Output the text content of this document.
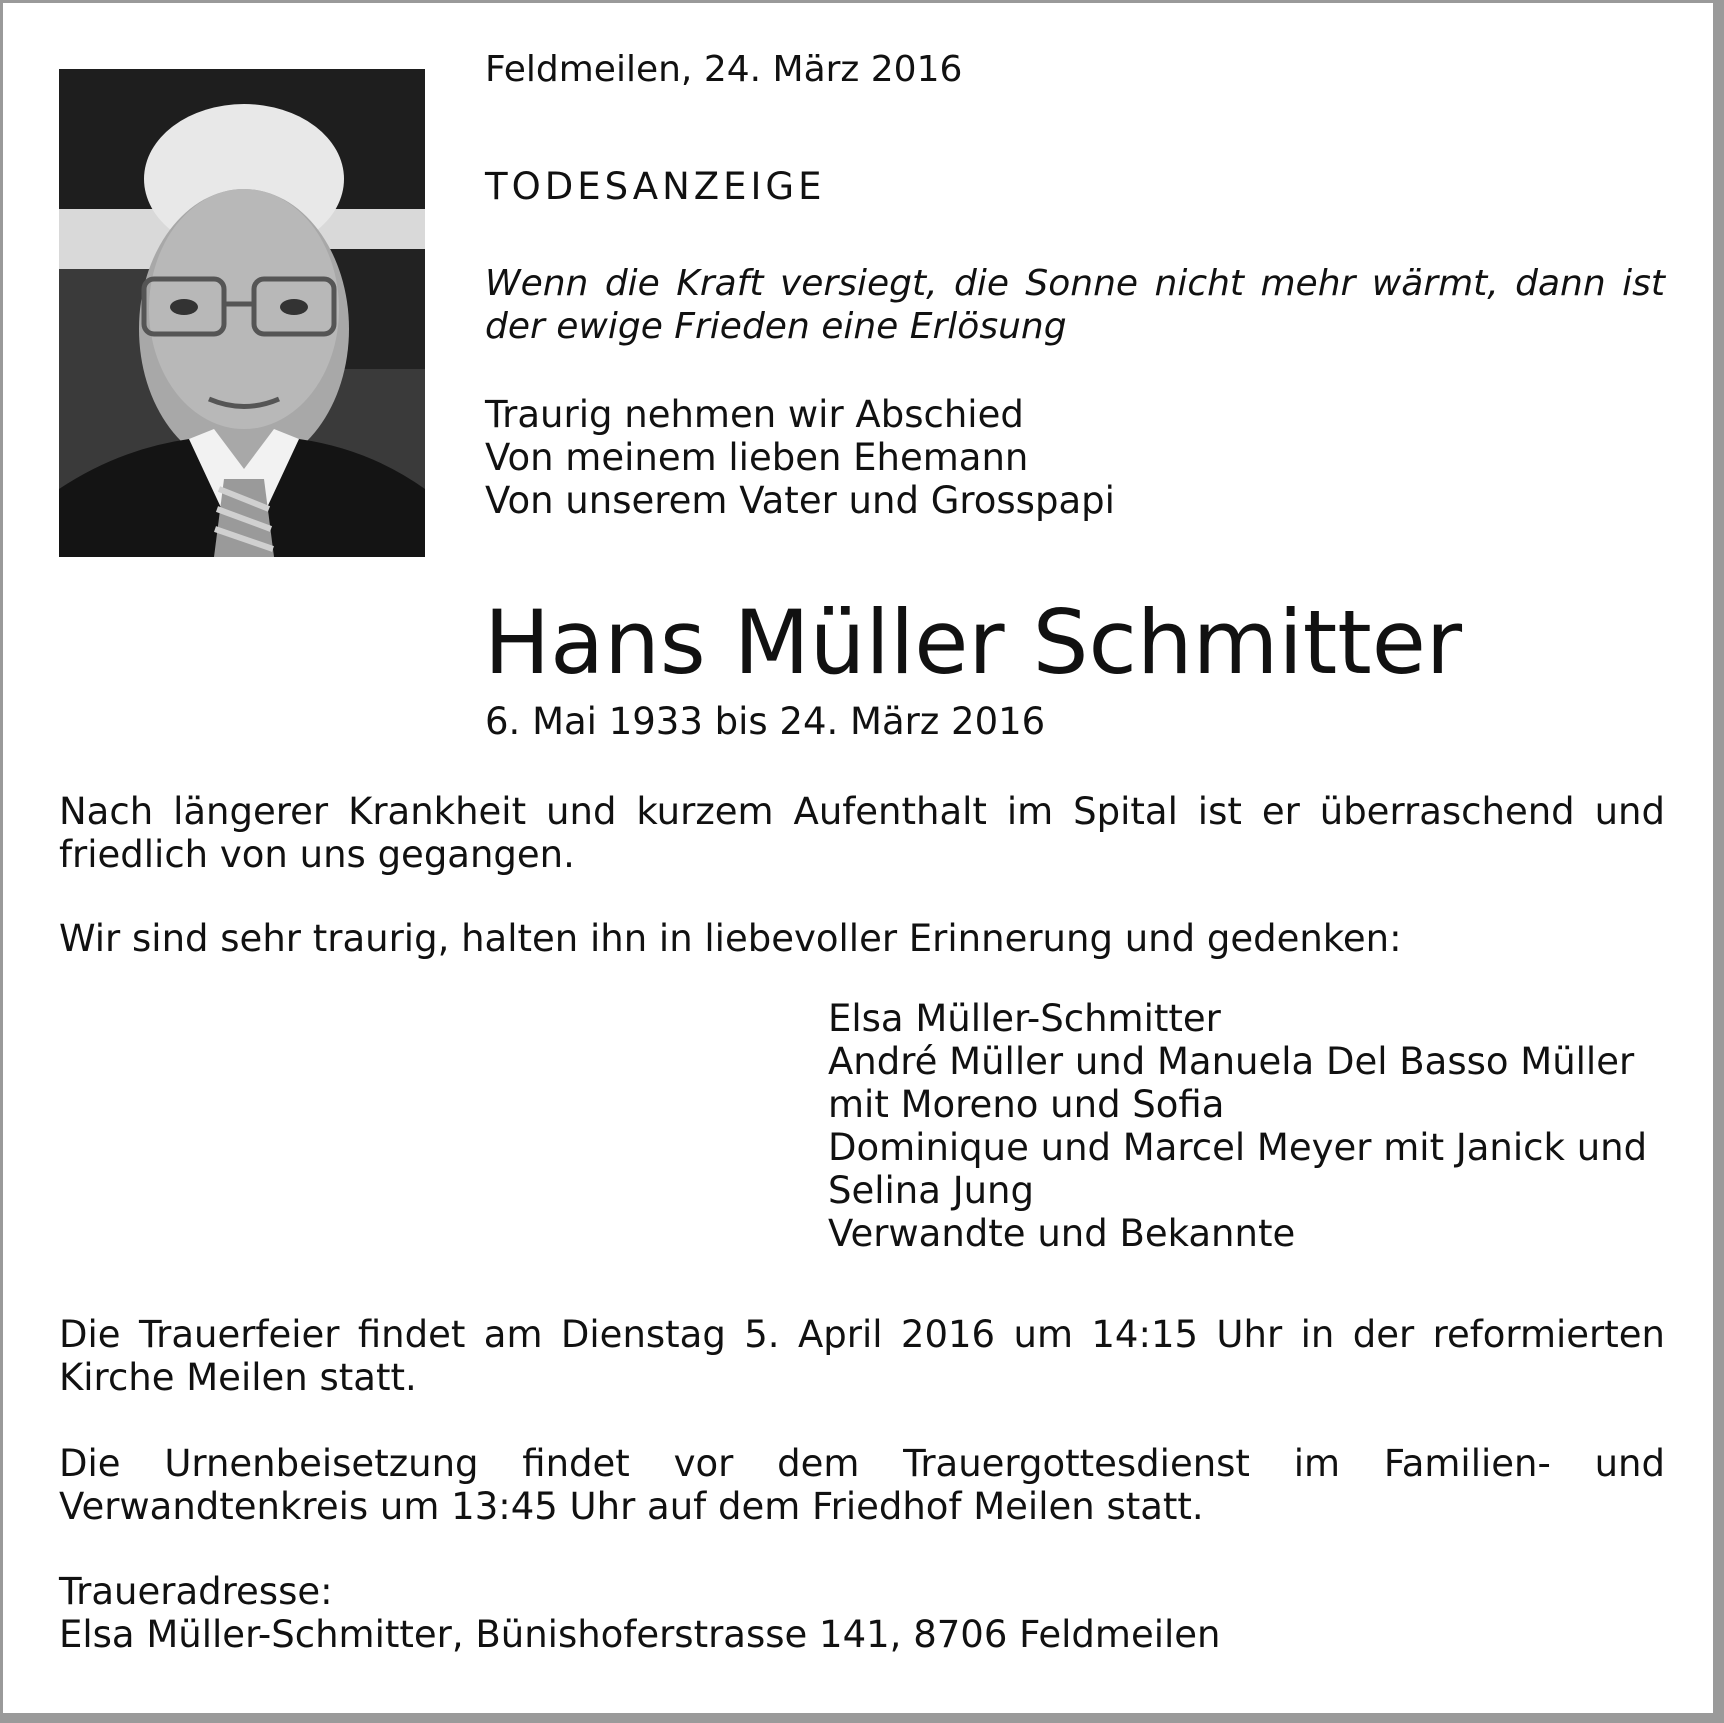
Feldmeilen, 24. März 2016
TODESANZEIGE

Wenn die Kraft versiegt, die Sonne nicht mehr wärmt, dann ist der ewige Frieden eine Erlösung

Traurig nehmen wir Abschied
Von meinem lieben Ehemann
Von unserem Vater und Grosspapi
Hans Müller Schmitter
6. Mai 1933 bis 24. März 2016

Nach längerer Krankheit und kurzem Aufenthalt im Spital ist er überraschend und friedlich von uns gegangen.

Wir sind sehr traurig, halten ihn in liebevoller Erinnerung und gedenken:

Elsa Müller-Schmitter
André Müller und Manuela Del Basso Müller
mit Moreno und Sofia
Dominique und Marcel Meyer mit Janick und
Selina Jung
Verwandte und Bekannte

Die Trauerfeier findet am Dienstag 5. April 2016 um 14:15 Uhr in der reformierten Kirche Meilen statt.

Die Urnenbeisetzung findet vor dem Trauergottesdienst im Familien- und Verwandtenkreis um 13:45 Uhr auf dem Friedhof Meilen statt.

Traueradresse:
Elsa Müller-Schmitter, Bünishoferstrasse 141, 8706 Feldmeilen
